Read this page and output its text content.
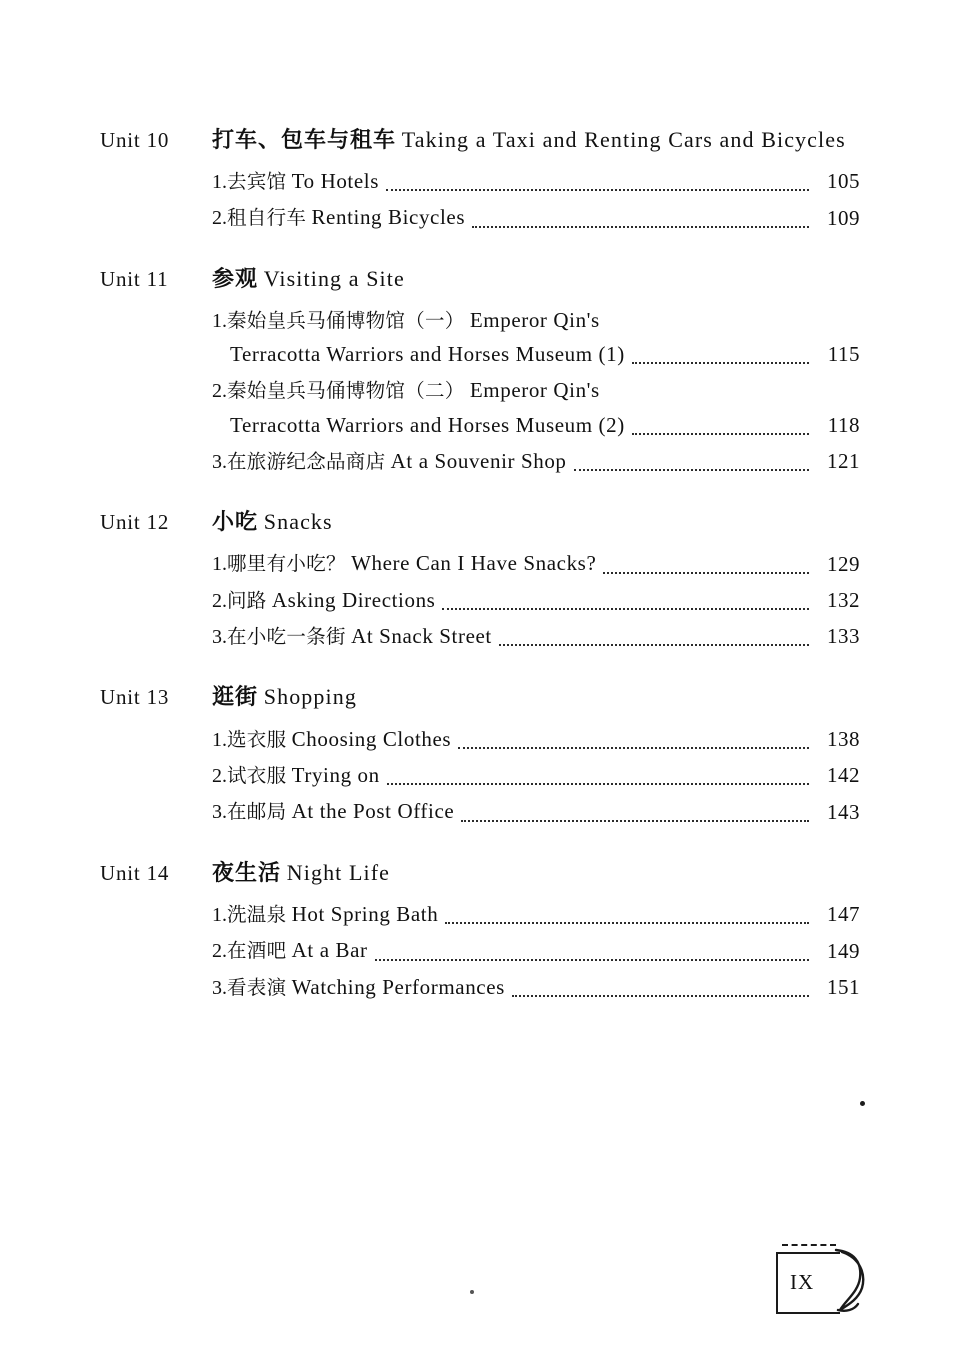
Unit 10	打车、包车与租车 Taking a Taxi and Renting Cars and Bicycles
1.去宾馆 To Hotels	105
2.租自行车 Renting Bicycles	109
Unit 11	参观 Visiting a Site
1.秦始皇兵马俑博物馆（一） Emperor Qin's
Terracotta Warriors and Horses Museum (1)	115
2.秦始皇兵马俑博物馆（二） Emperor Qin's
Terracotta Warriors and Horses Museum (2)	118
3.在旅游纪念品商店 At a Souvenir Shop	121
Unit 12	小吃 Snacks
1.哪里有小吃？ Where Can I Have Snacks?	129
2.问路 Asking Directions	132
3.在小吃一条街 At Snack Street	133
Unit 13	逛街 Shopping
1.选衣服 Choosing Clothes	138
2.试衣服 Trying on	142
3.在邮局 At the Post Office	143
Unit 14	夜生活 Night Life
1.洗温泉 Hot Spring Bath	147
2.在酒吧 At a Bar	149
3.看表演 Watching Performances	151
IX
